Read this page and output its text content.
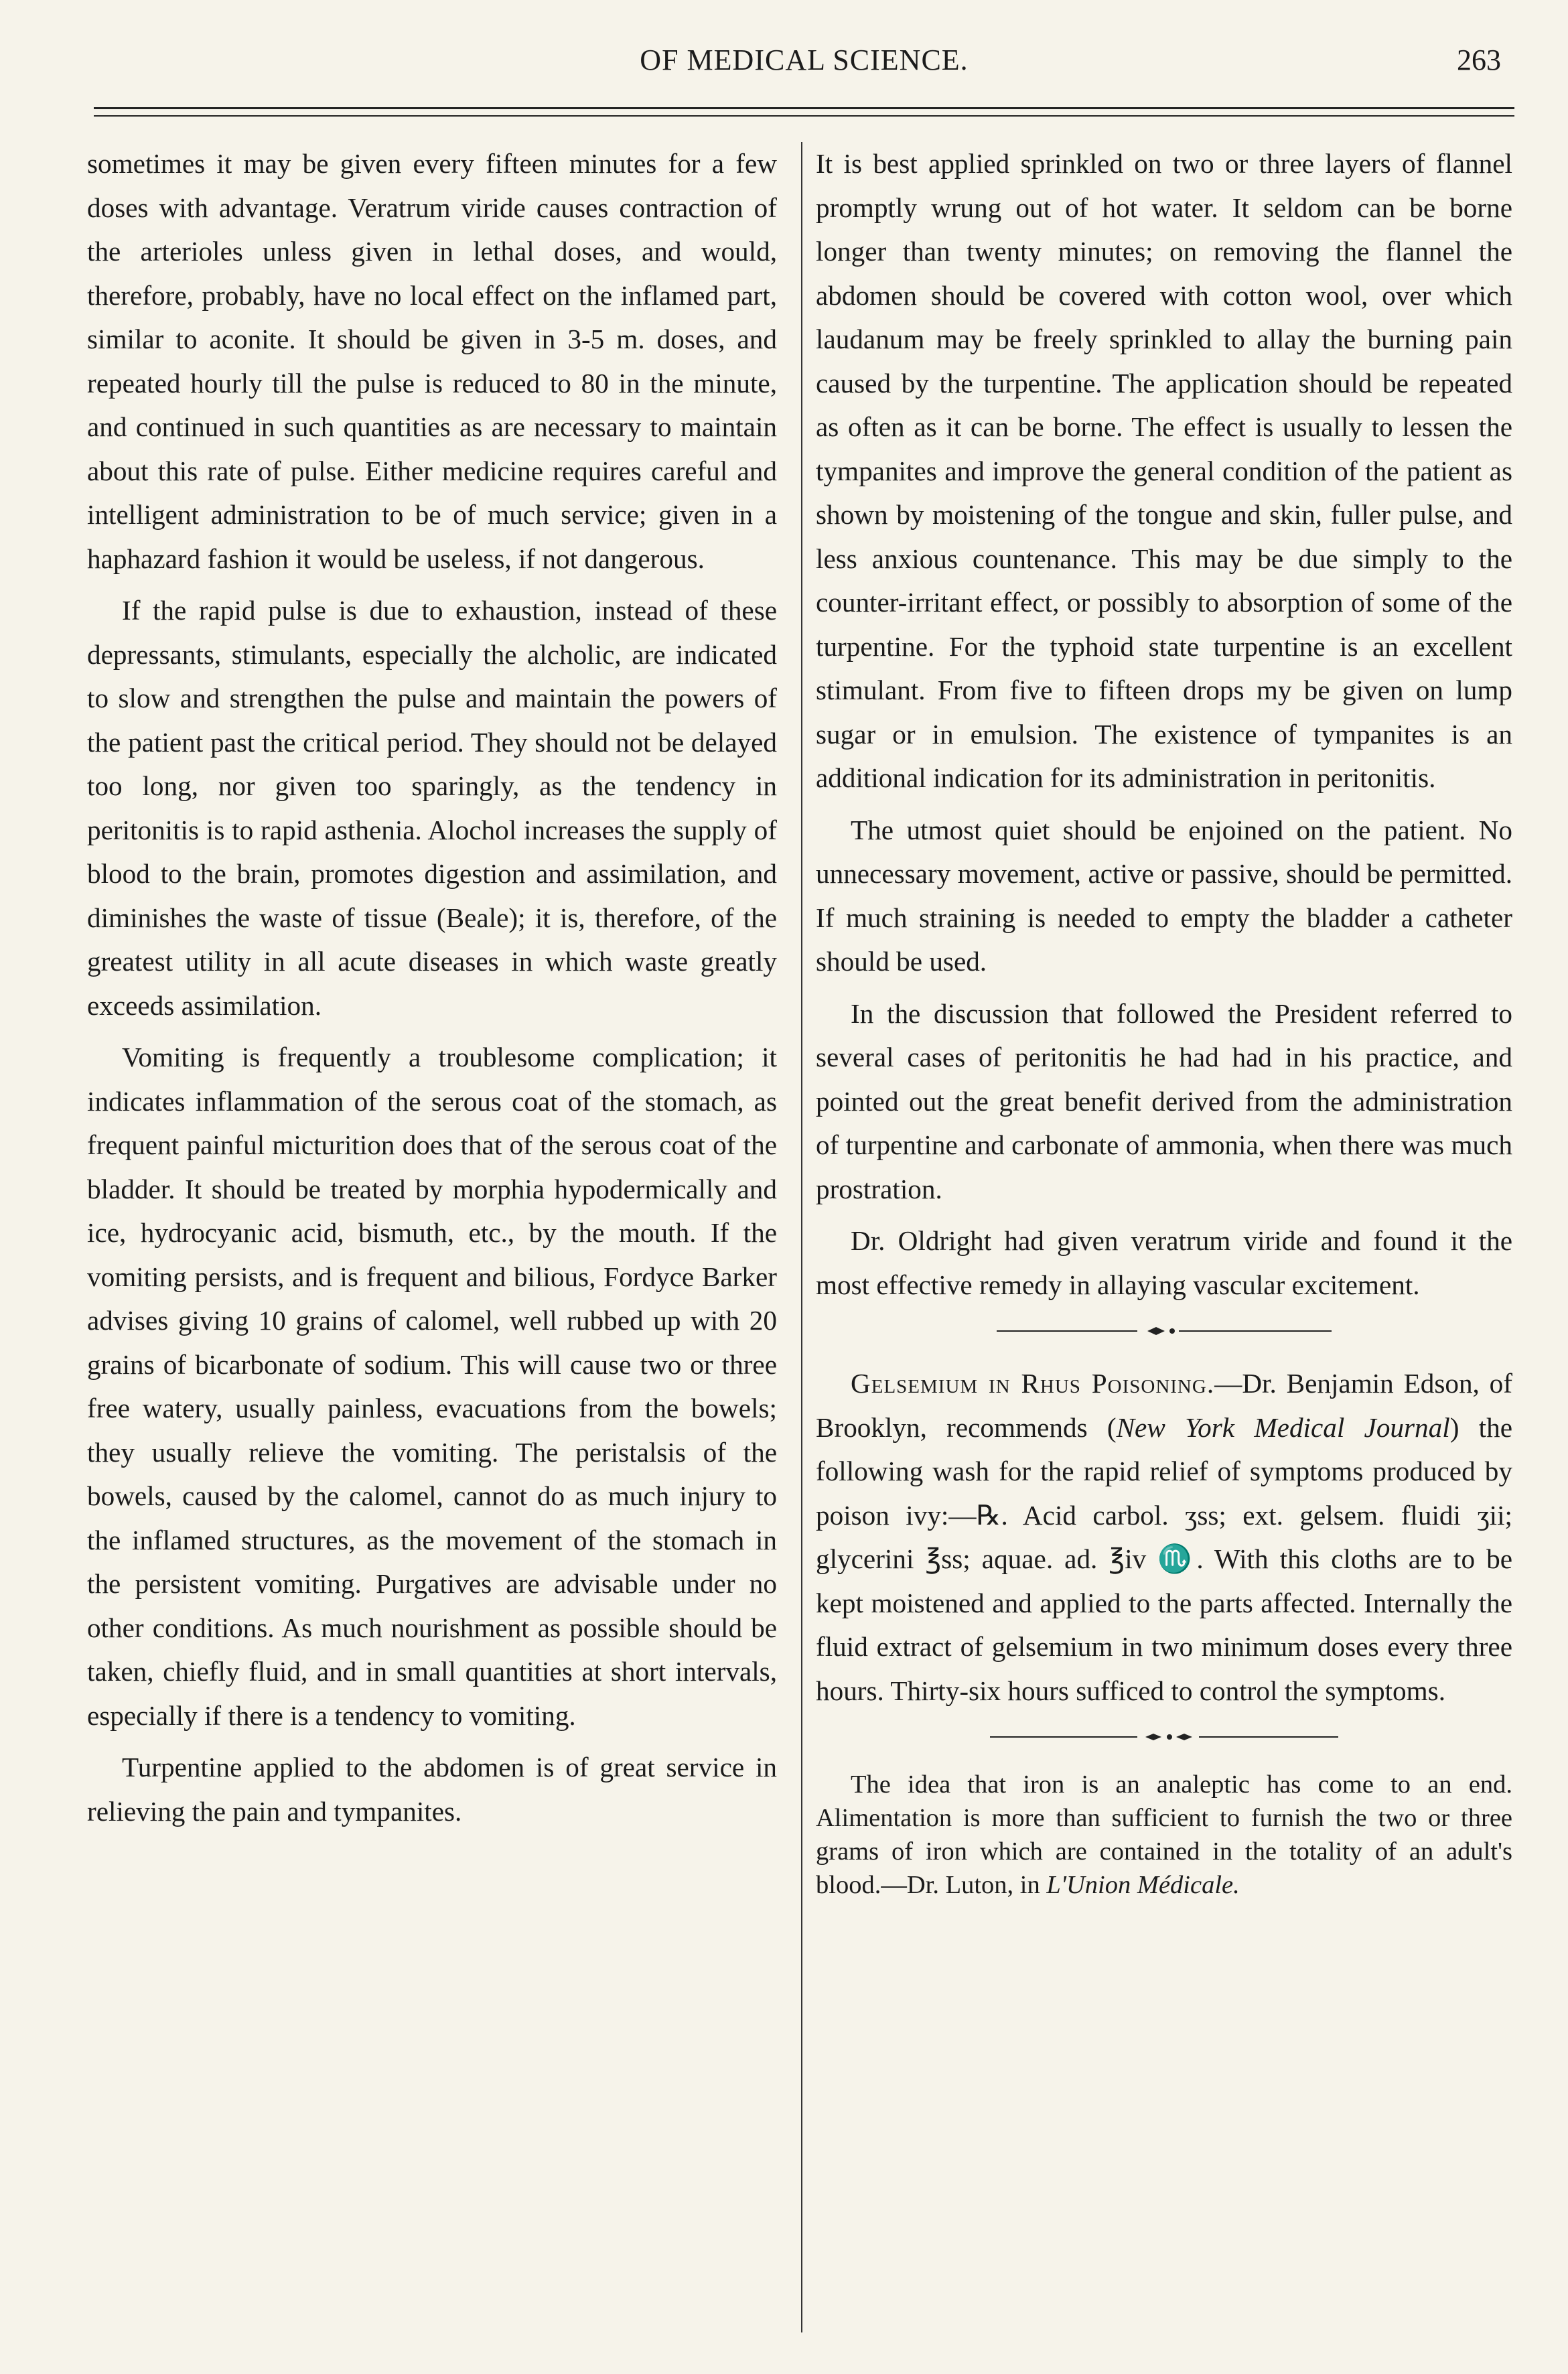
OF MEDICAL SCIENCE.	263

sometimes it may be given every fifteen minutes for a few doses with advantage. Veratrum viride causes contraction of the arterioles unless given in lethal doses, and would, therefore, probably, have no local effect on the inflamed part, similar to aconite. It should be given in 3-5 m. doses, and repeated hourly till the pulse is reduced to 80 in the minute, and continued in such quantities as are necessary to maintain about this rate of pulse. Either medicine requires careful and intelligent administration to be of much service; given in a haphazard fashion it would be useless, if not dangerous.

If the rapid pulse is due to exhaustion, instead of these depressants, stimulants, especially the alcholic, are indicated to slow and strengthen the pulse and maintain the powers of the patient past the critical period. They should not be delayed too long, nor given too sparingly, as the tendency in peritonitis is to rapid asthenia. Alochol increases the supply of blood to the brain, promotes digestion and assimilation, and diminishes the waste of tissue (Beale); it is, therefore, of the greatest utility in all acute diseases in which waste greatly exceeds assimilation.

Vomiting is frequently a troublesome complication; it indicates inflammation of the serous coat of the stomach, as frequent painful micturition does that of the serous coat of the bladder. It should be treated by morphia hypodermically and ice, hydrocyanic acid, bismuth, etc., by the mouth. If the vomiting persists, and is frequent and bilious, Fordyce Barker advises giving 10 grains of calomel, well rubbed up with 20 grains of bicarbonate of sodium. This will cause two or three free watery, usually painless, evacuations from the bowels; they usually relieve the vomiting. The peristalsis of the bowels, caused by the calomel, cannot do as much injury to the inflamed structures, as the movement of the stomach in the persistent vomiting. Purgatives are advisable under no other conditions. As much nourishment as possible should be taken, chiefly fluid, and in small quantities at short intervals, especially if there is a tendency to vomiting.

Turpentine applied to the abdomen is of great service in relieving the pain and tympanites.

It is best applied sprinkled on two or three layers of flannel promptly wrung out of hot water. It seldom can be borne longer than twenty minutes; on removing the flannel the abdomen should be covered with cotton wool, over which laudanum may be freely sprinkled to allay the burning pain caused by the turpentine. The application should be repeated as often as it can be borne. The effect is usually to lessen the tympanites and improve the general condition of the patient as shown by moistening of the tongue and skin, fuller pulse, and less anxious countenance. This may be due simply to the counter-irritant effect, or possibly to absorption of some of the turpentine. For the typhoid state turpentine is an excellent stimulant. From five to fifteen drops my be given on lump sugar or in emulsion. The existence of tympanites is an additional indication for its administration in peritonitis.

The utmost quiet should be enjoined on the patient. No unnecessary movement, active or passive, should be permitted. If much straining is needed to empty the bladder a catheter should be used.

In the discussion that followed the President referred to several cases of peritonitis he had had in his practice, and pointed out the great benefit derived from the administration of turpentine and carbonate of ammonia, when there was much prostration.

Dr. Oldright had given veratrum viride and found it the most effective remedy in allaying vascular excitement.

Gelsemium in Rhus Poisoning.—Dr. Benjamin Edson, of Brooklyn, recommends (New York Medical Journal) the following wash for the rapid relief of symptoms produced by poison ivy:—℞. Acid carbol. ʒss; ext. gelsem. fluidi ʒii; glycerini ℥ss; aquae. ad. ℥iv ♏. With this cloths are to be kept moistened and applied to the parts affected. Internally the fluid extract of gelsemium in two minimum doses every three hours. Thirty-six hours sufficed to control the symptoms.

The idea that iron is an analeptic has come to an end. Alimentation is more than sufficient to furnish the two or three grams of iron which are contained in the totality of an adult's blood.—Dr. Luton, in L'Union Médicale.
